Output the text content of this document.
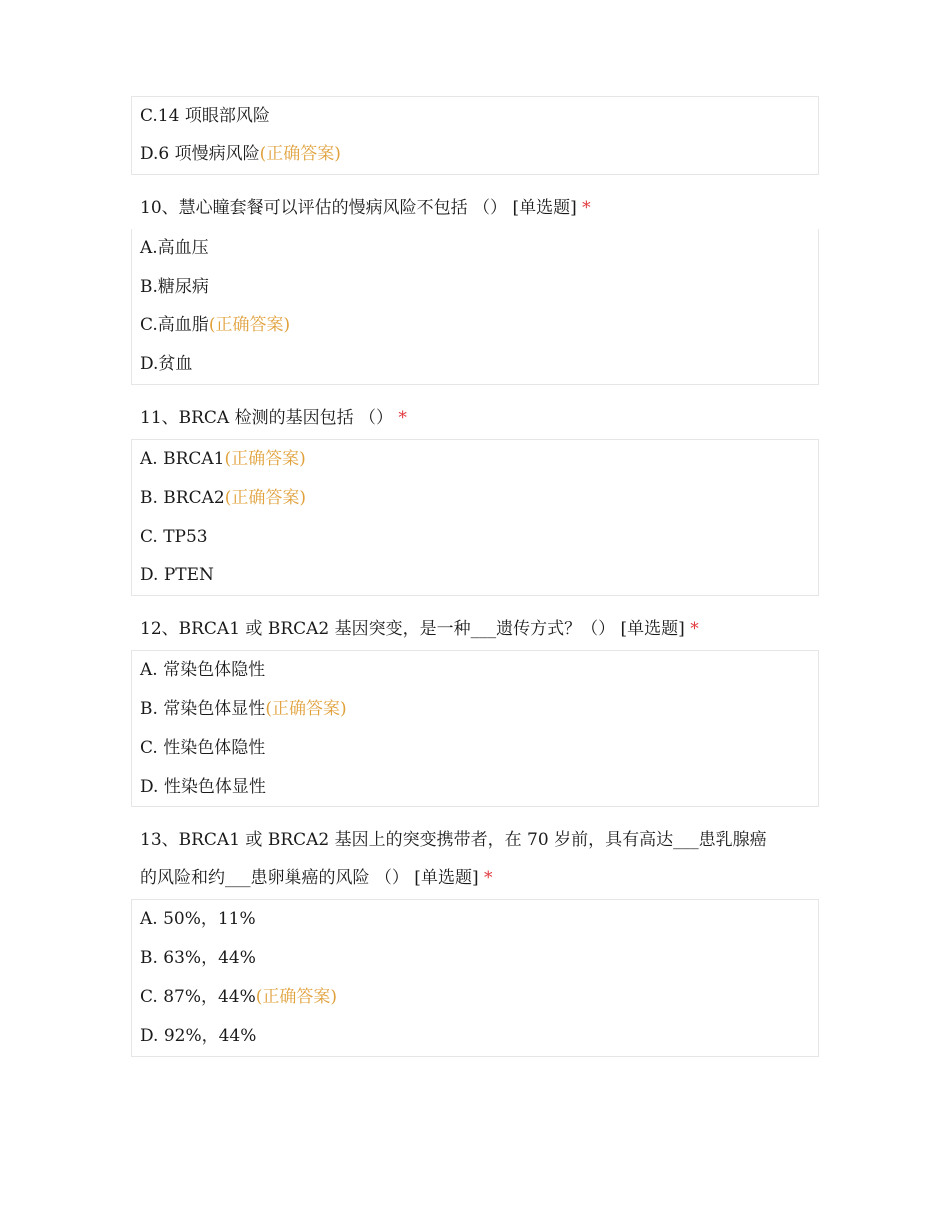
C.14 项眼部风险
D.6 项慢病风险(正确答案)
10、慧心瞳套餐可以评估的慢病风险不包括 （） [单选题] *
A.高血压
B.糖尿病
C.高血脂(正确答案)
D.贫血
11、BRCA 检测的基因包括 （） *
A. BRCA1(正确答案)
B. BRCA2(正确答案)
C. TP53
D. PTEN
12、BRCA1 或 BRCA2 基因突变，是一种___遗传方式？（） [单选题] *
A. 常染色体隐性
B. 常染色体显性(正确答案)
C. 性染色体隐性
D. 性染色体显性
13、BRCA1 或 BRCA2 基因上的突变携带者，在 70 岁前，具有高达___患乳腺癌
的风险和约___患卵巢癌的风险 （） [单选题] *
A. 50%，11%
B. 63%，44%
C. 87%，44%(正确答案)
D. 92%，44%
